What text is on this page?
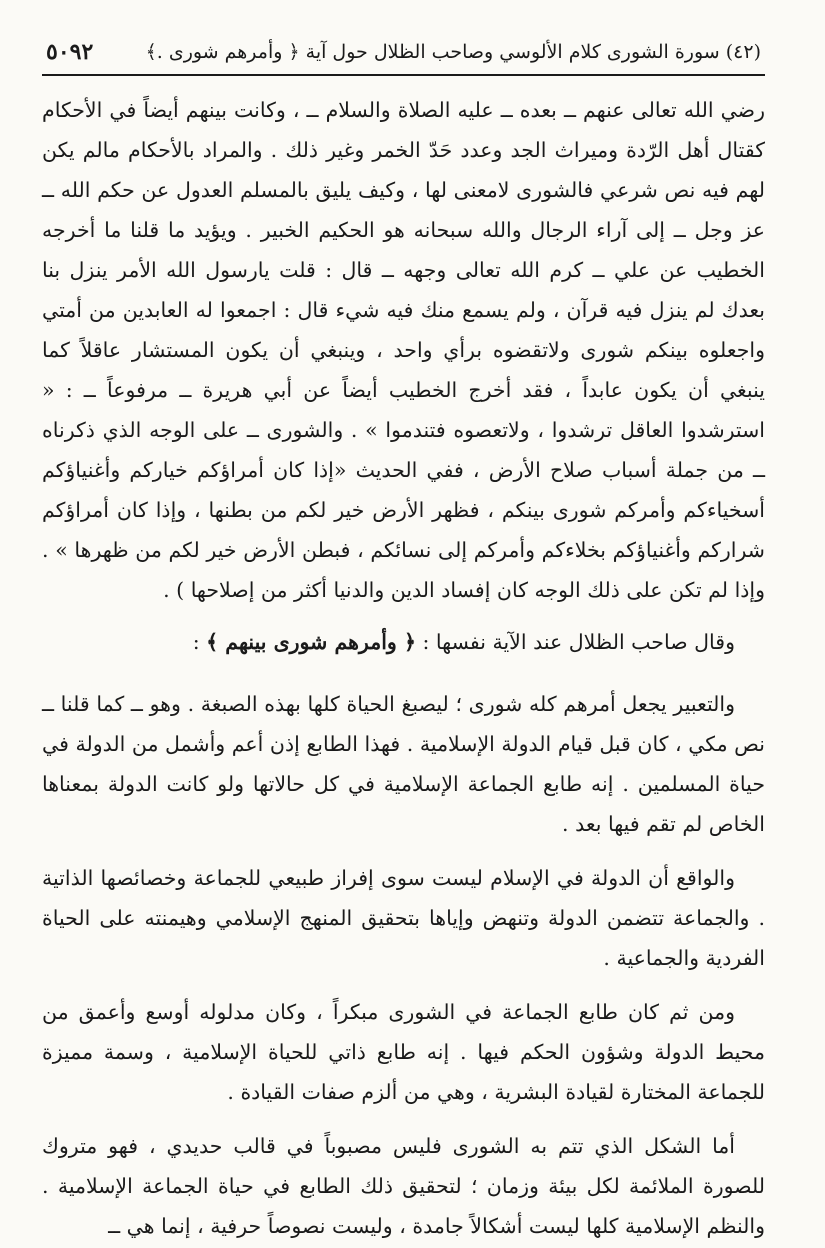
(٤٢) سورة الشورى كلام الألوسي وصاحب الظلال حول آية ﴿ وأمرهم شورى .﴾
٥٠٩٢

رضي الله تعالى عنهم ــ بعده ــ عليه الصلاة والسلام ــ ، وكانت بينهم أيضاً في الأحكام كقتال أهل الرّدة وميراث الجد وعدد حَدّ الخمر وغير ذلك . والمراد بالأحكام مالم يكن لهم فيه نص شرعي فالشورى لامعنى لها ، وكيف يليق بالمسلم العدول عن حكم الله ــ عز وجل ــ إلى آراء الرجال والله سبحانه هو الحكيم الخبير . ويؤيد ما قلنا ما أخرجه الخطيب عن علي ــ كرم الله تعالى وجهه ــ قال : قلت يارسول الله الأمر ينزل بنا بعدك لم ينزل فيه قرآن ، ولم يسمع منك فيه شيء قال : اجمعوا له العابدين من أمتي واجعلوه بينكم شورى ولاتقضوه برأي واحد ، وينبغي أن يكون المستشار عاقلاً كما ينبغي أن يكون عابداً ، فقد أخرج الخطيب أيضاً عن أبي هريرة ــ مرفوعاً ــ : « استرشدوا العاقل ترشدوا ، ولاتعصوه فتندموا » . والشورى ــ على الوجه الذي ذكرناه ــ من جملة أسباب صلاح الأرض ، ففي الحديث «إذا كان أمراؤكم خياركم وأغنياؤكم أسخياءكم وأمركم شورى بينكم ، فظهر الأرض خير لكم من بطنها ، وإذا كان أمراؤكم شراركم وأغنياؤكم بخلاءكم وأمركم إلى نسائكم ، فبطن الأرض خير لكم من ظهرها » . وإذا لم تكن على ذلك الوجه كان إفساد الدين والدنيا أكثر من إصلاحها ) .

وقال صاحب الظلال عند الآية نفسها : ﴿ وأمرهم شورى بينهم ﴾ :

والتعبير يجعل أمرهم كله شورى ؛ ليصبغ الحياة كلها بهذه الصبغة . وهو ــ كما قلنا ــ نص مكي ، كان قبل قيام الدولة الإسلامية . فهذا الطابع إذن أعم وأشمل من الدولة في حياة المسلمين . إنه طابع الجماعة الإسلامية في كل حالاتها ولو كانت الدولة بمعناها الخاص لم تقم فيها بعد .

والواقع أن الدولة في الإسلام ليست سوى إفراز طبيعي للجماعة وخصائصها الذاتية . والجماعة تتضمن الدولة وتنهض وإياها بتحقيق المنهج الإسلامي وهيمنته على الحياة الفردية والجماعية .

ومن ثم كان طابع الجماعة في الشورى مبكراً ، وكان مدلوله أوسع وأعمق من محيط الدولة وشؤون الحكم فيها . إنه طابع ذاتي للحياة الإسلامية ، وسمة مميزة للجماعة المختارة لقيادة البشرية ، وهي من ألزم صفات القيادة .

أما الشكل الذي تتم به الشورى فليس مصبوباً في قالب حديدي ، فهو متروك للصورة الملائمة لكل بيئة وزمان ؛ لتحقيق ذلك الطابع في حياة الجماعة الإسلامية . والنظم الإسلامية كلها ليست أشكالاً جامدة ، وليست نصوصاً حرفية ، إنما هي ــ
